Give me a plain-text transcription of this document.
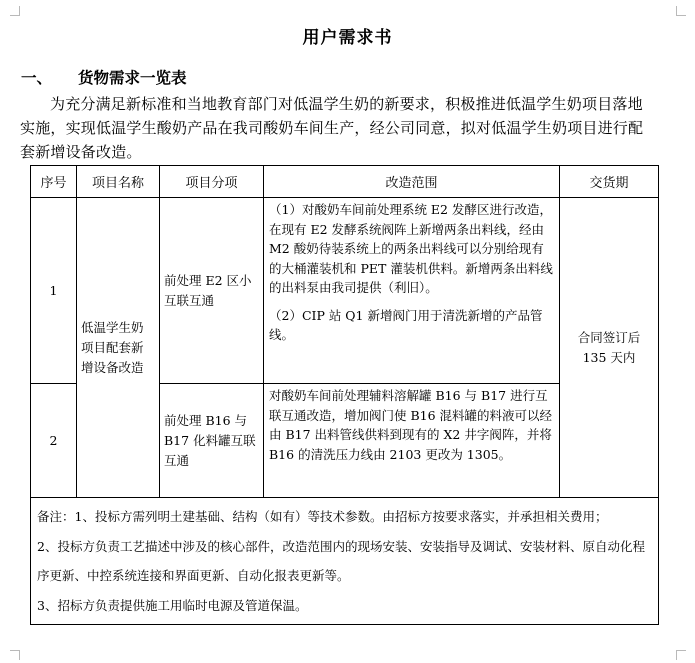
用户需求书
一、 货物需求一览表
为充分满足新标准和当地教育部门对低温学生奶的新要求，积极推进低温学生奶项目落地实施，实现低温学生酸奶产品在我司酸奶车间生产，经公司同意，拟对低温学生奶项目进行配套新增设备改造。
序号	项目名称	项目分项	改造范围	交货期
1	低温学生奶项目配套新增设备改造	前处理 E2 区小互联互通	（1）对酸奶车间前处理系统 E2 发酵区进行改造，在现有 E2 发酵系统阀阵上新增两条出料线，经由 M2 酸奶待装系统上的两条出料线可以分别给现有的大桶灌装机和 PET 灌装机供料。新增两条出料线的出料泵由我司提供（利旧）。

（2）CIP 站 Q1 新增阀门用于清洗新增的产品管线。	合同签订后 135 天内
2		前处理 B16 与 B17 化料罐互联互通	对酸奶车间前处理辅料溶解罐 B16 与 B17 进行互联互通改造，增加阀门使 B16 混料罐的料液可以经由 B17 出料管线供料到现有的 X2 井字阀阵，并将 B16 的清洗压力线由 2103 更改为 1305。	

备注：1、投标方需列明土建基础、结构（如有）等技术参数。由招标方按要求落实，并承担相关费用；

2、投标方负责工艺描述中涉及的核心部件，改造范围内的现场安装、安装指导及调试、安装材料、原自动化程序更新、中控系统连接和界面更新、自动化报表更新等。

3、招标方负责提供施工用临时电源及管道保温。				
